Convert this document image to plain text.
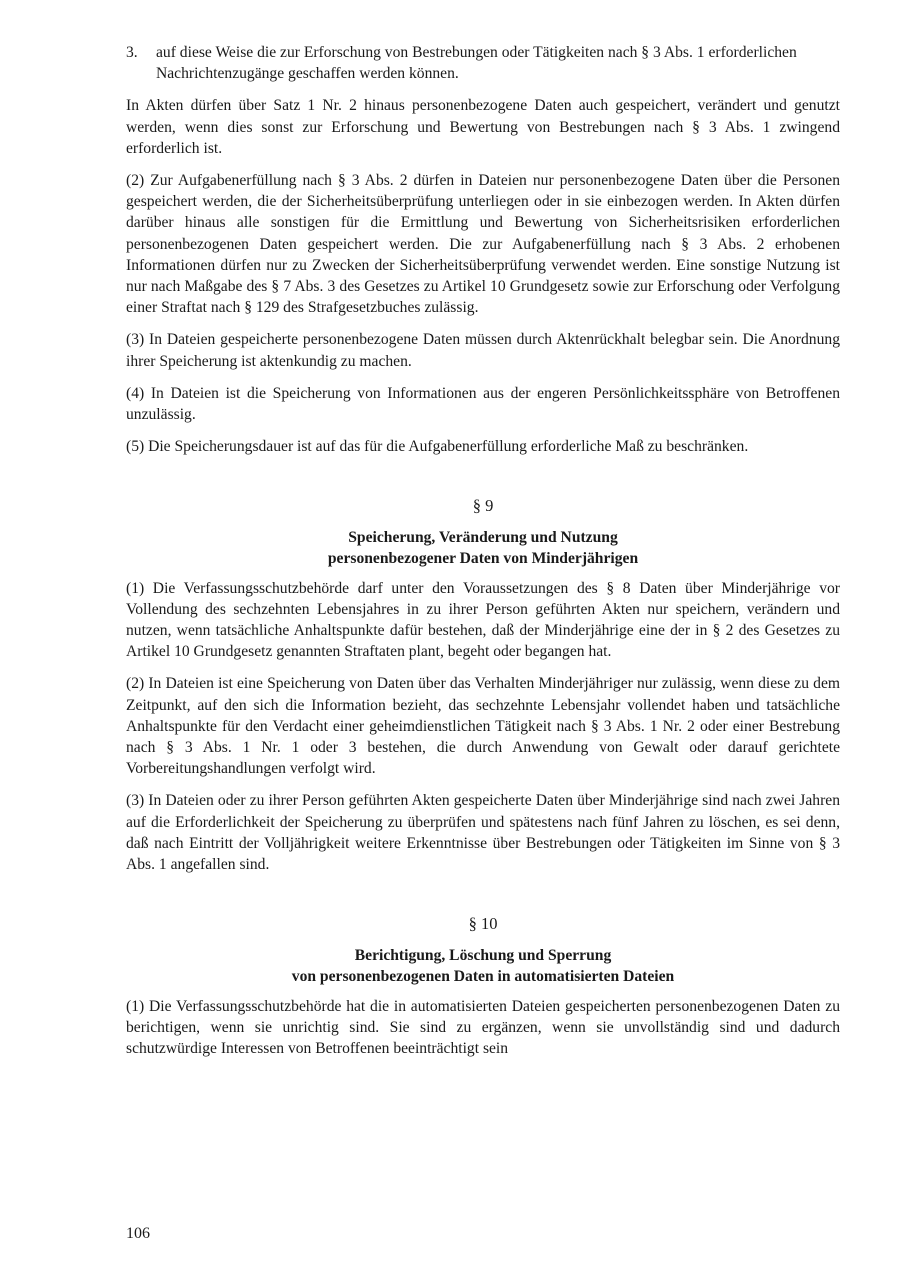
3.	auf diese Weise die zur Erforschung von Bestrebungen oder Tätigkeiten nach § 3 Abs. 1 erforderlichen Nachrichtenzugänge geschaffen werden können.

In Akten dürfen über Satz 1 Nr. 2 hinaus personenbezogene Daten auch gespeichert, verändert und genutzt werden, wenn dies sonst zur Erforschung und Bewertung von Bestrebungen nach § 3 Abs. 1 zwingend erforderlich ist.

(2) Zur Aufgabenerfüllung nach § 3 Abs. 2 dürfen in Dateien nur personenbezogene Daten über die Personen gespeichert werden, die der Sicherheitsüberprüfung unterliegen oder in sie einbezogen werden. In Akten dürfen darüber hinaus alle sonstigen für die Ermittlung und Bewertung von Sicherheitsrisiken erforderlichen personenbezogenen Daten gespeichert werden. Die zur Aufgabenerfüllung nach § 3 Abs. 2 erhobenen Informationen dürfen nur zu Zwecken der Sicherheitsüberprüfung verwendet werden. Eine sonstige Nutzung ist nur nach Maßgabe des § 7 Abs. 3 des Gesetzes zu Artikel 10 Grundgesetz sowie zur Erforschung oder Verfolgung einer Straftat nach § 129 des Strafgesetzbuches zulässig.

(3) In Dateien gespeicherte personenbezogene Daten müssen durch Aktenrückhalt belegbar sein. Die Anordnung ihrer Speicherung ist aktenkundig zu machen.

(4) In Dateien ist die Speicherung von Informationen aus der engeren Persönlichkeitssphäre von Betroffenen unzulässig.

(5) Die Speicherungsdauer ist auf das für die Aufgabenerfüllung erforderliche Maß zu beschränken.

§ 9
Speicherung, Veränderung und Nutzung
personenbezogener Daten von Minderjährigen

(1) Die Verfassungsschutzbehörde darf unter den Voraussetzungen des § 8 Daten über Minderjährige vor Vollendung des sechzehnten Lebensjahres in zu ihrer Person geführten Akten nur speichern, verändern und nutzen, wenn tatsächliche Anhaltspunkte dafür bestehen, daß der Minderjährige eine der in § 2 des Gesetzes zu Artikel 10 Grundgesetz genannten Straftaten plant, begeht oder begangen hat.

(2) In Dateien ist eine Speicherung von Daten über das Verhalten Minderjähriger nur zulässig, wenn diese zu dem Zeitpunkt, auf den sich die Information bezieht, das sechzehnte Lebensjahr vollendet haben und tatsächliche Anhaltspunkte für den Verdacht einer geheimdienstlichen Tätigkeit nach § 3 Abs. 1 Nr. 2 oder einer Bestrebung nach § 3 Abs. 1 Nr. 1 oder 3 bestehen, die durch Anwendung von Gewalt oder darauf gerichtete Vorbereitungshandlungen verfolgt wird.

(3) In Dateien oder zu ihrer Person geführten Akten gespeicherte Daten über Minderjährige sind nach zwei Jahren auf die Erforderlichkeit der Speicherung zu überprüfen und spätestens nach fünf Jahren zu löschen, es sei denn, daß nach Eintritt der Volljährigkeit weitere Erkenntnisse über Bestrebungen oder Tätigkeiten im Sinne von § 3 Abs. 1 angefallen sind.

§ 10
Berichtigung, Löschung und Sperrung
von personenbezogenen Daten in automatisierten Dateien

(1) Die Verfassungsschutzbehörde hat die in automatisierten Dateien gespeicherten personenbezogenen Daten zu berichtigen, wenn sie unrichtig sind. Sie sind zu ergänzen, wenn sie unvollständig sind und dadurch schutzwürdige Interessen von Betroffenen beeinträchtigt sein

106
